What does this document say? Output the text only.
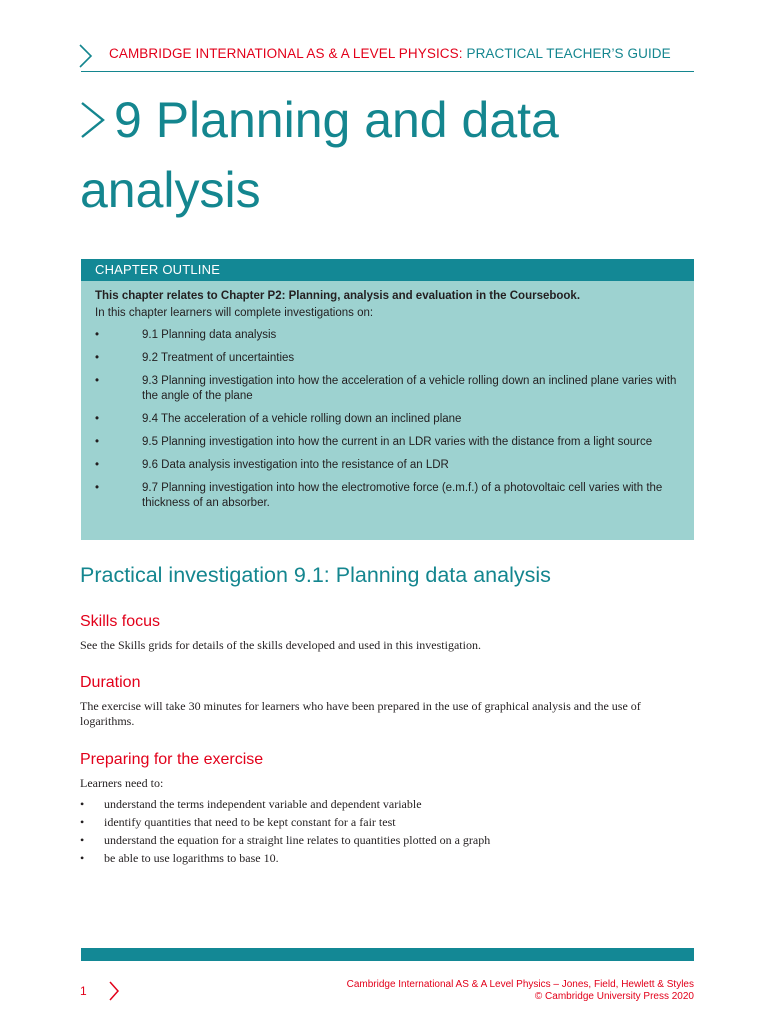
CAMBRIDGE INTERNATIONAL AS & A LEVEL PHYSICS: PRACTICAL TEACHER’S GUIDE
9 Planning and data
analysis
CHAPTER OUTLINE
This chapter relates to Chapter P2: Planning, analysis and evaluation in the Coursebook.
In this chapter learners will complete investigations on:
•	9.1 Planning data analysis
•	9.2 Treatment of uncertainties
•	9.3 Planning investigation into how the acceleration of a vehicle rolling down an inclined plane varies with the angle of the plane
•	9.4 The acceleration of a vehicle rolling down an inclined plane
•	9.5 Planning investigation into how the current in an LDR varies with the distance from a light source
•	9.6 Data analysis investigation into the resistance of an LDR
•	9.7 Planning investigation into how the electromotive force (e.m.f.) of a photovoltaic cell varies with the thickness of an absorber.
Practical investigation 9.1: Planning data analysis
Skills focus
See the Skills grids for details of the skills developed and used in this investigation.
Duration
The exercise will take 30 minutes for learners who have been prepared in the use of graphical analysis and the use of logarithms.
Preparing for the exercise
Learners need to:
• understand the terms independent variable and dependent variable
• identify quantities that need to be kept constant for a fair test
• understand the equation for a straight line relates to quantities plotted on a graph
• be able to use logarithms to base 10.
1	Cambridge International AS & A Level Physics – Jones, Field, Hewlett & Styles
© Cambridge University Press 2020
